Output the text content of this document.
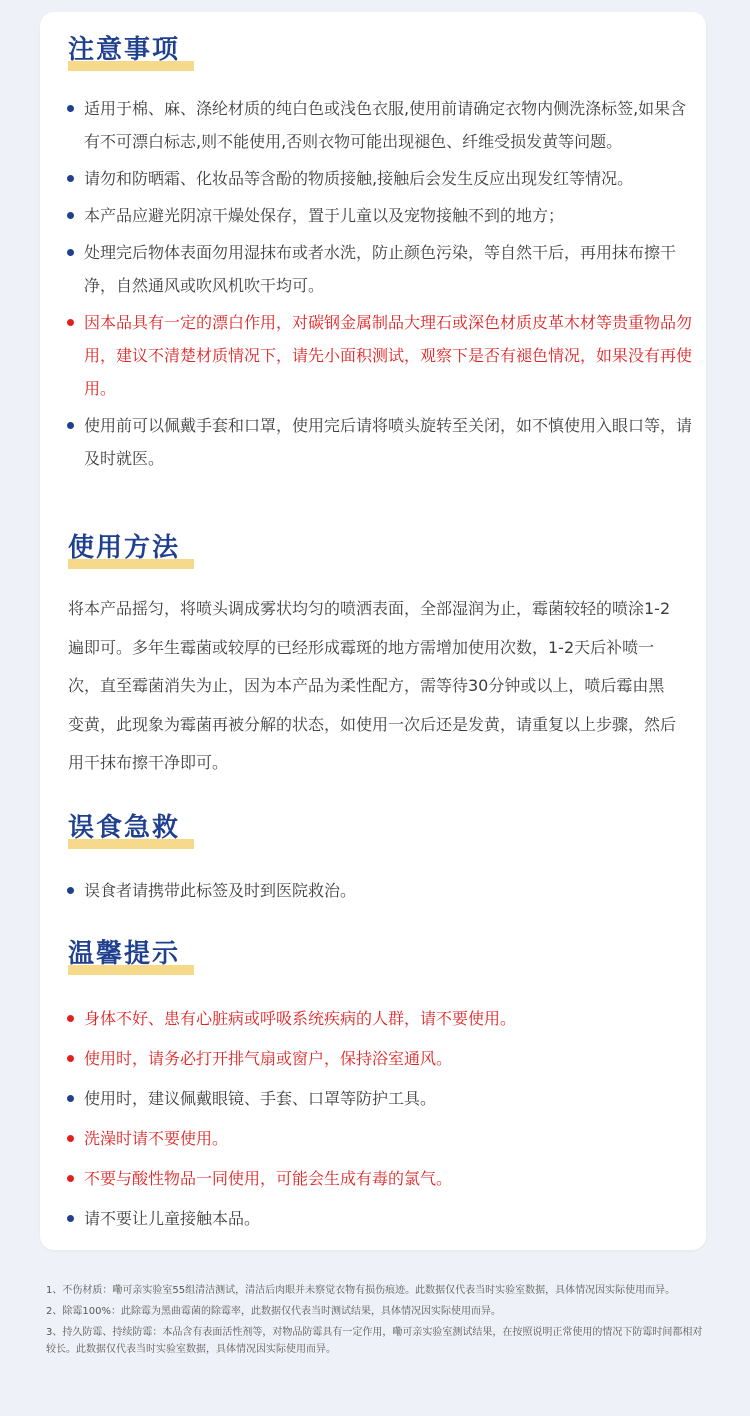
注意事项
适用于棉、麻、涤纶材质的纯白色或浅色衣服,使用前请确定衣物内侧洗涤标签,如果含有不可漂白标志,则不能使用,否则衣物可能出现褪色、纤维受损发黄等问题。
请勿和防晒霜、化妆品等含酚的物质接触,接触后会发生反应出现发红等情况。
本产品应避光阴凉干燥处保存，置于儿童以及宠物接触不到的地方；
处理完后物体表面勿用湿抹布或者水洗，防止颜色污染，等自然干后，再用抹布擦干净，自然通风或吹风机吹干均可。
因本品具有一定的漂白作用，对碳钢金属制品大理石或深色材质皮革木材等贵重物品勿用，建议不清楚材质情况下，请先小面积测试，观察下是否有褪色情况，如果没有再使用。
使用前可以佩戴手套和口罩，使用完后请将喷头旋转至关闭，如不慎使用入眼口等，请及时就医。
使用方法

将本产品摇匀，将喷头调成雾状均匀的喷洒表面，全部湿润为止，霉菌较轻的喷涂1-2遍即可。多年生霉菌或较厚的已经形成霉斑的地方需增加使用次数，1-2天后补喷一次，直至霉菌消失为止，因为本产品为柔性配方，需等待30分钟或以上，喷后霉由黑变黄，此现象为霉菌再被分解的状态，如使用一次后还是发黄，请重复以上步骤，然后用干抹布擦干净即可。

误食急救
误食者请携带此标签及时到医院救治。
温馨提示
身体不好、患有心脏病或呼吸系统疾病的人群，请不要使用。
使用时，请务必打开排气扇或窗户，保持浴室通风。
使用时，建议佩戴眼镜、手套、口罩等防护工具。
洗澡时请不要使用。
不要与酸性物品一同使用，可能会生成有毒的氯气。
请不要让儿童接触本品。

1、不伤材质：嘞可亲实验室55组清洁测试，清洁后肉眼并未察觉衣物有损伤痕迹。此数据仅代表当时实验室数据，具体情况因实际使用而异。

2、除霉100%：此除霉为黑曲霉菌的除霉率，此数据仅代表当时测试结果，具体情况因实际使用而异。

3、持久防霉、持续防霉：本品含有表面活性剂等，对物品防霉具有一定作用，嘞可亲实验室测试结果，在按照说明正常使用的情况下防霉时间都相对较长。此数据仅代表当时实验室数据，具体情况因实际使用而异。
